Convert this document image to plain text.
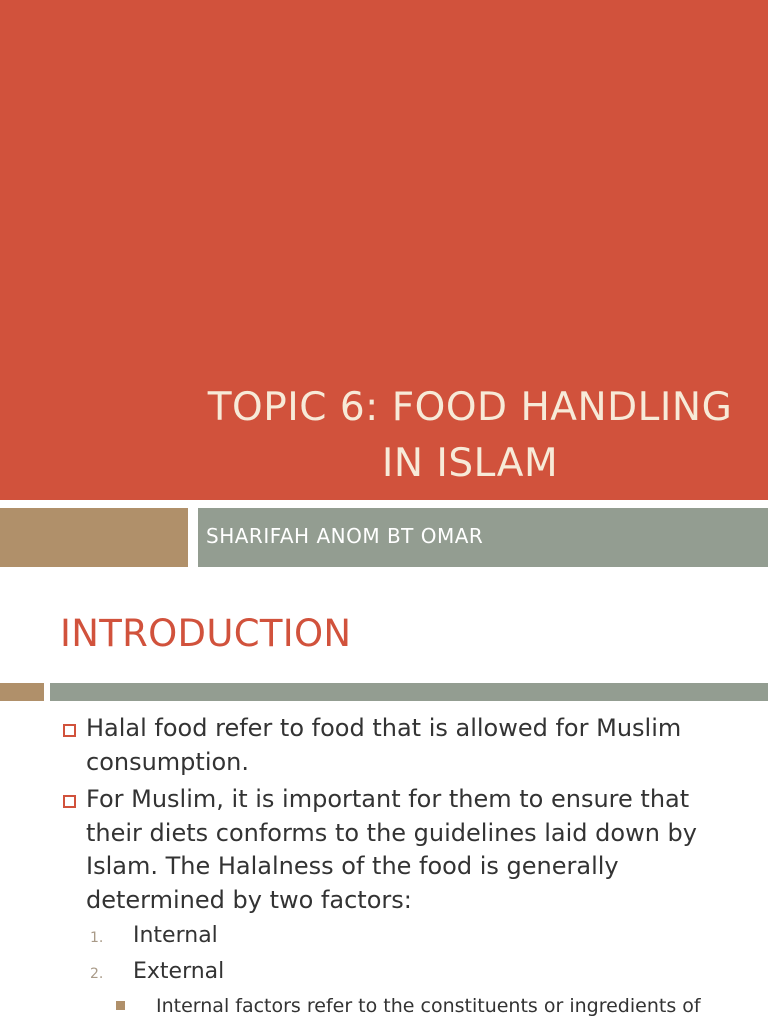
TOPIC 6: FOOD HANDLING
IN ISLAM
SHARIFAH ANOM BT OMAR
INTRODUCTION
Halal food refer to food that is allowed for Muslim consumption.
For Muslim, it is important for them to ensure that their diets conforms to the guidelines laid down by Islam. The Halalness of the food is generally determined by two factors:
1. Internal
2. External
Internal factors refer to the constituents or ingredients of
